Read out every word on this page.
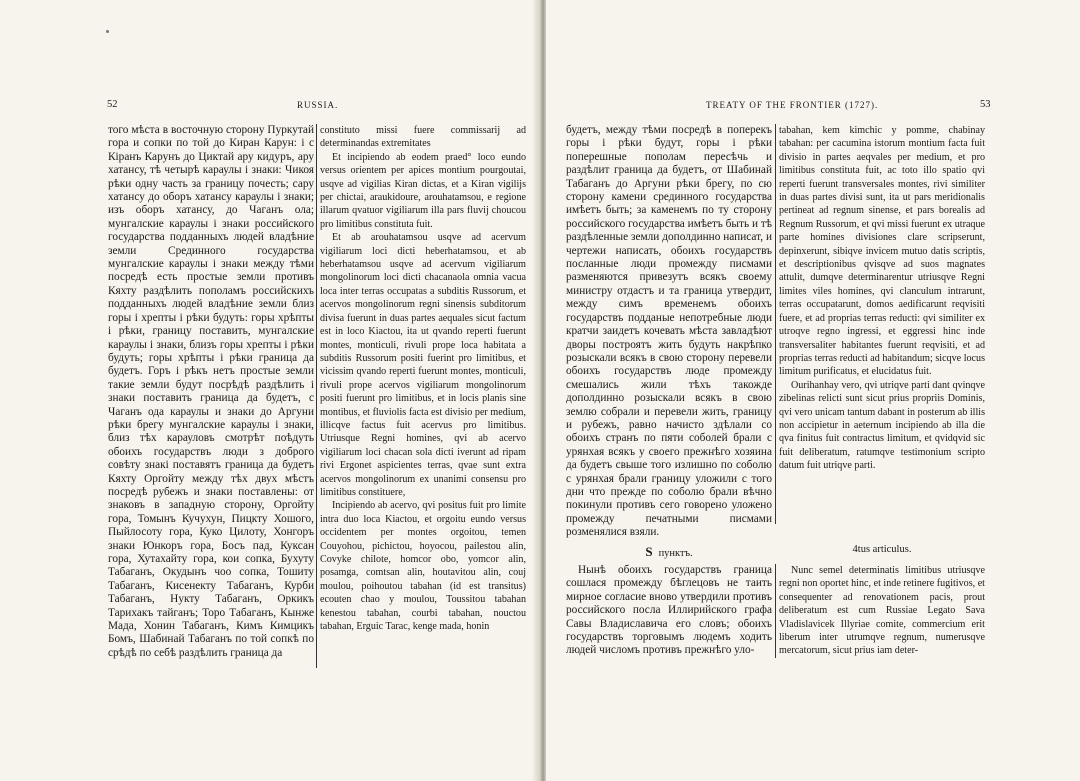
52	RUSSIA.

того мѣста в восточную сторону Пуркутай гора и сопки по той до Киран Карун: i с Кiранъ Карунъ до Циктай ару кидуръ, ару хатансу, тѣ четырѣ караулы i знаки: Чикоя рѣки одну часть за границу почесть; сару хатансу до оборъ хатансу караулы i знаки; изъ оборъ хатансу, до Чаганъ ола; мунгалские караулы i знаки российского государства подданныхъ людей владѣние земли Срединного государства мунгалские караулы i знаки между тѣми посредѣ есть простые земли противъ Кяхту раздѣлить пополамъ российскихъ подданныхъ людей владѣние земли близ горы i хрепты i рѣки будуть: горы хрѣпты i рѣки, границу поставить, мунгалские караулы i знаки, близъ горы хрепты i рѣки будуть; горы хрѣпты i рѣки граница да будетъ. Горъ i рѣкъ нетъ простые земли такие земли будут посрѣдѣ раздѣлить i знаки поставить граница да будетъ, с Чаганъ ода караулы и знаки до Аргуни рѣки брегу мунгалские караулы i знаки, близ тѣх карауловъ смотрѣт поѣдуть обоихъ государствъ люди з доброго совѣту знакi поставятъ граница да будетъ Кяхту Оргойту между тѣх двух мѣстъ посредѣ рубежъ и знаки поставлены: от знаковъ в западную сторону, Оргойту гора, Томынъ Кучухун, Пицкту Хошого, Пыйлосоту гора, Куко Цилоту, Хонгоръ знаки Юнкоръ гора, Босъ пад, Куксан гора, Хутахайту гора, кои сопка, Бухуту Табаганъ, Окудынъ чоо сопка, Тошиту Табаганъ, Кисенекту Табаганъ, Курби Табаганъ, Нукту Табаганъ, Оркикъ Тарихакъ тайганъ; Торо Табаганъ, Кынже Мада, Хонин Табаганъ, Кимъ Кимцикъ Бомъ, Шабинай Табаганъ по той сопкѣ по срѣдѣ по себѣ раздѣлить граница да

constituto missi fuere commissarij ad determinandas extremitates

Et incipiendo ab eodem praed° loco eundo versus orientem per apices montium pourgoutai, usqve ad vigilias Kiran dictas, et a Kiran vigilijs per chictai, araukidoure, arouhatamsou, e regione illarum qvatuor vigiliarum illa pars fluvij choucou pro limitibus constituta fuit.

Et ab arouhatamsou usqve ad acervum vigiliarum loci dicti heberhatamsou, et ab heberhatamsou usqve ad acervum vigiliarum mongolinorum loci dicti chacanaola omnia vacua loca inter terras occupatas a subditis Russorum, et acervos mongolinorum regni sinensis subditorum divisa fuerunt in duas partes aequales sicut factum est in loco Kiactou, ita ut qvando reperti fuerunt montes, monticuli, rivuli prope loca habitata a subditis Russorum positi fuerint pro limitibus, et vicissim qvando reperti fuerunt montes, monticuli, rivuli prope acervos vigiliarum mongolinorum positi fuerunt pro limitibus, et in locis planis sine montibus, et fluviolis facta est divisio per medium, illicqve factus fuit acervus pro limitibus. Utriusque Regni homines, qvi ab acervo vigiliarum loci chacan sola dicti iverunt ad ripam rivi Ergonet aspicientes terras, qvae sunt extra acervos mongolinorum ex unanimi consensu pro limitibus constituere,

Incipiendo ab acervo, qvi positus fuit pro limite intra duo loca Kiactou, et orgoitu eundo versus occidentem per montes orgoitou, temen Couyohou, pichictou, hoyocou, pailestou alin, Covyke chilote, homcor obo, yomcor alin, posamga, comtsan alin, houtavitou alin, couj moulou, poihoutou tabahan (id est transitus) ecouten chao y moulou, Toussitou tabahan kenestou tabahan, courbi tabahan, nouctou tabahan, Erguic Tarac, kenge mada, honin

TREATY OF THE FRONTIER (1727).	53

будетъ, между тѣми посредѣ в поперекъ горы i рѣки будут, горы i рѣки поперешные пополам пересѣчь и раздѣлит граница да будетъ, от Шабинай Табаганъ до Аргуни рѣки брегу, по сю сторону камени срединного государства имѣетъ быть; за каменемъ по ту сторону российского государства имѣетъ быть и тѣ раздѣленные земли дополдинно написат, и чертежи написать, обоихъ государствъ посланные люди промежду писмами разменяются привезутъ всякъ своему министру отдастъ и та граница утвердит, между симъ временемъ обоихъ государствъ подданые непотребные люди кратчи заидетъ кочевать мѣста завладѣют дворы построятъ жить будуть накрѣпко розыскали всякъ в свою сторону перевели обоихъ государствъ люде промежду смешались жили тѣхъ такожде дополдинно розыскали всякъ в свою землю собрали и перевели жить, границу и рубежъ, равно начисто здѣлали со обоихъ странъ по пяти соболей брали с урянхая всякъ у своего прежнѣго хозяина да будетъ свыше того излишно по соболю с урянхая брали границу уложили с того дни что прежде по соболю брали вѣчно покинули противъ сего говорено уложено промежду печатными писмами розменялися взяли.

tabahan, kem kimchic y pomme, chabinay tabahan: per cacumina istorum montium facta fuit divisio in partes aeqvales per medium, et pro limitibus constituta fuit, ac toto illo spatio qvi reperti fuerunt transversales montes, rivi similiter in duas partes divisi sunt, ita ut pars meridionalis pertineat ad regnum sinense, et pars borealis ad Regnum Russorum, et qvi missi fuerunt ex utraque parte homines divisiones clare scripserunt, depinxerunt, sibiqve invicem mutuo datis scriptis, et descriptionibus qvisqve ad suos magnates attulit, dumqve determinarentur utriusqve Regni limites viles homines, qvi clanculum intrarunt, terras occupatarunt, domos aedificarunt reqvisiti fuere, et ad proprias terras reducti: qvi similiter ex utroqve regno ingressi, et eggressi hinc inde transversaliter habitantes fuerunt reqvisiti, et ad proprias terras reducti ad habitandum; sicqve locus limitum purificatus, et elucidatus fuit.

Ourihanhay vero, qvi utriqve parti dant qvinqve zibelinas relicti sunt sicut prius propriis Dominis, qvi vero unicam tantum dabant in posterum ab illis non accipietur in aeternum incipiendo ab illa die qva finitus fuit contractus limitum, et qvidqvid sic fuit deliberatum, ratumqve testimonium scripto datum fuit utriqve parti.

Ѕ пунктъ.	4tus articulus.

Нынѣ обоихъ государствъ граница сошлася промежду бѣглецовъ не таить мирное согласие вново утвердили противъ российского посла Иллирийского графа Савы Владиславича его словъ; обоихъ государствъ торговымъ людемъ ходить людей числомъ противъ прежнѣго уло-

Nunc semel determinatis limitibus utriusqve regni non oportet hinc, et inde retinere fugitivos, et consequenter ad renovationem pacis, prout deliberatum est cum Russiae Legato Sava Vladislavicek Illyriae comite, commercium erit liberum inter utrumqve regnum, numerusqve mercatorum, sicut prius iam deter-
